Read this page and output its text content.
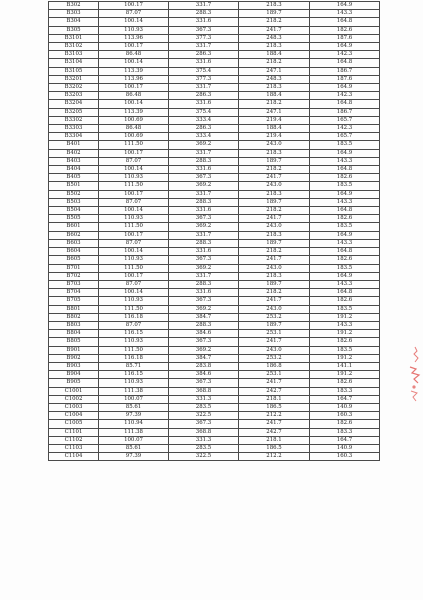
B302	100.17	331.7	218.3	164.9
B303	87.07	288.3	189.7	143.3
B304	100.14	331.6	218.2	164.8
B305	110.93	367.3	241.7	182.6
B3101	113.96	377.3	248.3	187.6
B3102	100.17	331.7	218.3	164.9
B3103	86.48	286.3	188.4	142.3
B3104	100.14	331.6	218.2	164.8
B3105	113.39	375.4	247.1	186.7
B3201	113.96	377.3	248.3	187.6
B3202	100.17	331.7	218.3	164.9
B3203	86.48	286.3	188.4	142.3
B3204	100.14	331.6	218.2	164.8
B3205	113.39	375.4	247.1	186.7
B3302	100.69	333.4	219.4	165.7
B3303	86.48	286.3	188.4	142.3
B3304	100.69	333.4	219.4	165.7
B401	111.50	369.2	243.0	183.5
B402	100.17	331.7	218.3	164.9
B403	87.07	288.3	189.7	143.3
B404	100.14	331.6	218.2	164.8
B405	110.93	367.3	241.7	182.6
B501	111.50	369.2	243.0	183.5
B502	100.17	331.7	218.3	164.9
B503	87.07	288.3	189.7	143.3
B504	100.14	331.6	218.2	164.8
B505	110.93	367.3	241.7	182.6
B601	111.50	369.2	243.0	183.5
B602	100.17	331.7	218.3	164.9
B603	87.07	288.3	189.7	143.3
B604	100.14	331.6	218.2	164.8
B605	110.93	367.3	241.7	182.6
B701	111.50	369.2	243.0	183.5
B702	100.17	331.7	218.3	164.9
B703	87.07	288.3	189.7	143.3
B704	100.14	331.6	218.2	164.8
B705	110.93	367.3	241.7	182.6
B801	111.50	369.2	243.0	183.5
B802	116.18	384.7	253.2	191.2
B803	87.07	288.3	189.7	143.3
B804	116.15	384.6	253.1	191.2
B805	110.93	367.3	241.7	182.6
B901	111.50	369.2	243.0	183.5
B902	116.18	384.7	253.2	191.2
B903	85.71	283.8	186.8	141.1
B904	116.15	384.6	253.1	191.2
B905	110.93	367.3	241.7	182.6
C1001	111.38	368.8	242.7	183.3
C1002	100.07	331.3	218.1	164.7
C1003	85.61	283.5	186.5	140.9
C1004	97.39	322.5	212.2	160.3
C1005	110.94	367.3	241.7	182.6
C1101	111.38	368.8	242.7	183.3
C1102	100.07	331.3	218.1	164.7
C1103	85.61	283.5	186.5	140.9
C1104	97.39	322.5	212.2	160.3
